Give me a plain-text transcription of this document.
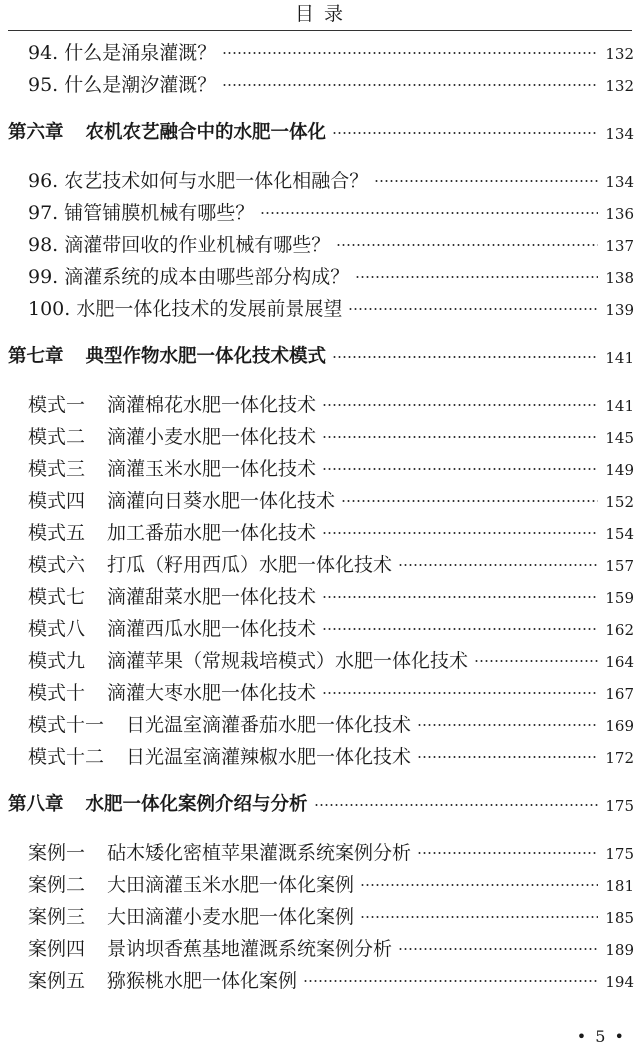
目 录
94. 什么是涌泉灌溉？	132
95. 什么是潮汐灌溉？	132
第六章 农机农艺融合中的水肥一体化	134
96. 农艺技术如何与水肥一体化相融合？	134
97. 铺管铺膜机械有哪些？	136
98. 滴灌带回收的作业机械有哪些？	137
99. 滴灌系统的成本由哪些部分构成？	138
100. 水肥一体化技术的发展前景展望	139
第七章 典型作物水肥一体化技术模式	141
模式一 滴灌棉花水肥一体化技术	141
模式二 滴灌小麦水肥一体化技术	145
模式三 滴灌玉米水肥一体化技术	149
模式四 滴灌向日葵水肥一体化技术	152
模式五 加工番茄水肥一体化技术	154
模式六 打瓜（籽用西瓜）水肥一体化技术	157
模式七 滴灌甜菜水肥一体化技术	159
模式八 滴灌西瓜水肥一体化技术	162
模式九 滴灌苹果（常规栽培模式）水肥一体化技术	164
模式十 滴灌大枣水肥一体化技术	167
模式十一 日光温室滴灌番茄水肥一体化技术	169
模式十二 日光温室滴灌辣椒水肥一体化技术	172
第八章 水肥一体化案例介绍与分析	175
案例一 砧木矮化密植苹果灌溉系统案例分析	175
案例二 大田滴灌玉米水肥一体化案例	181
案例三 大田滴灌小麦水肥一体化案例	185
案例四 景讷坝香蕉基地灌溉系统案例分析	189
案例五 猕猴桃水肥一体化案例	194
• 5 •
